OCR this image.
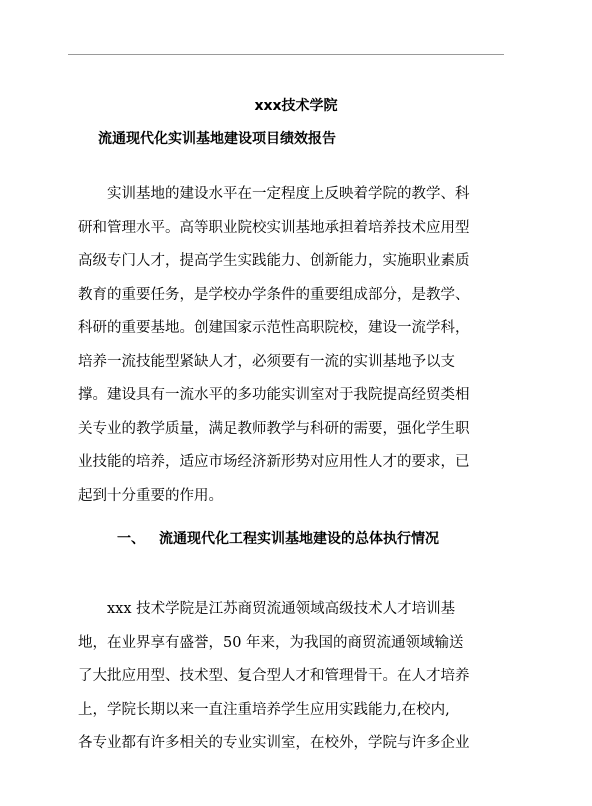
xxx技术学院
流通现代化实训基地建设项目绩效报告
实训基地的建设水平在一定程度上反映着学院的教学、科
研和管理水平。高等职业院校实训基地承担着培养技术应用型
高级专门人才，提高学生实践能力、创新能力，实施职业素质
教育的重要任务，是学校办学条件的重要组成部分，是教学、
科研的重要基地。创建国家示范性高职院校，建设一流学科，
培养一流技能型紧缺人才，必须要有一流的实训基地予以支
撑。建设具有一流水平的多功能实训室对于我院提高经贸类相
关专业的教学质量，满足教师教学与科研的需要，强化学生职
业技能的培养，适应市场经济新形势对应用性人才的要求，已
起到十分重要的作用。
一、 流通现代化工程实训基地建设的总体执行情况
xxx 技术学院是江苏商贸流通领域高级技术人才培训基
地，在业界享有盛誉，50 年来，为我国的商贸流通领域输送
了大批应用型、技术型、复合型人才和管理骨干。在人才培养
上，学院长期以来一直注重培养学生应用实践能力,在校内,
各专业都有许多相关的专业实训室，在校外，学院与许多企业
